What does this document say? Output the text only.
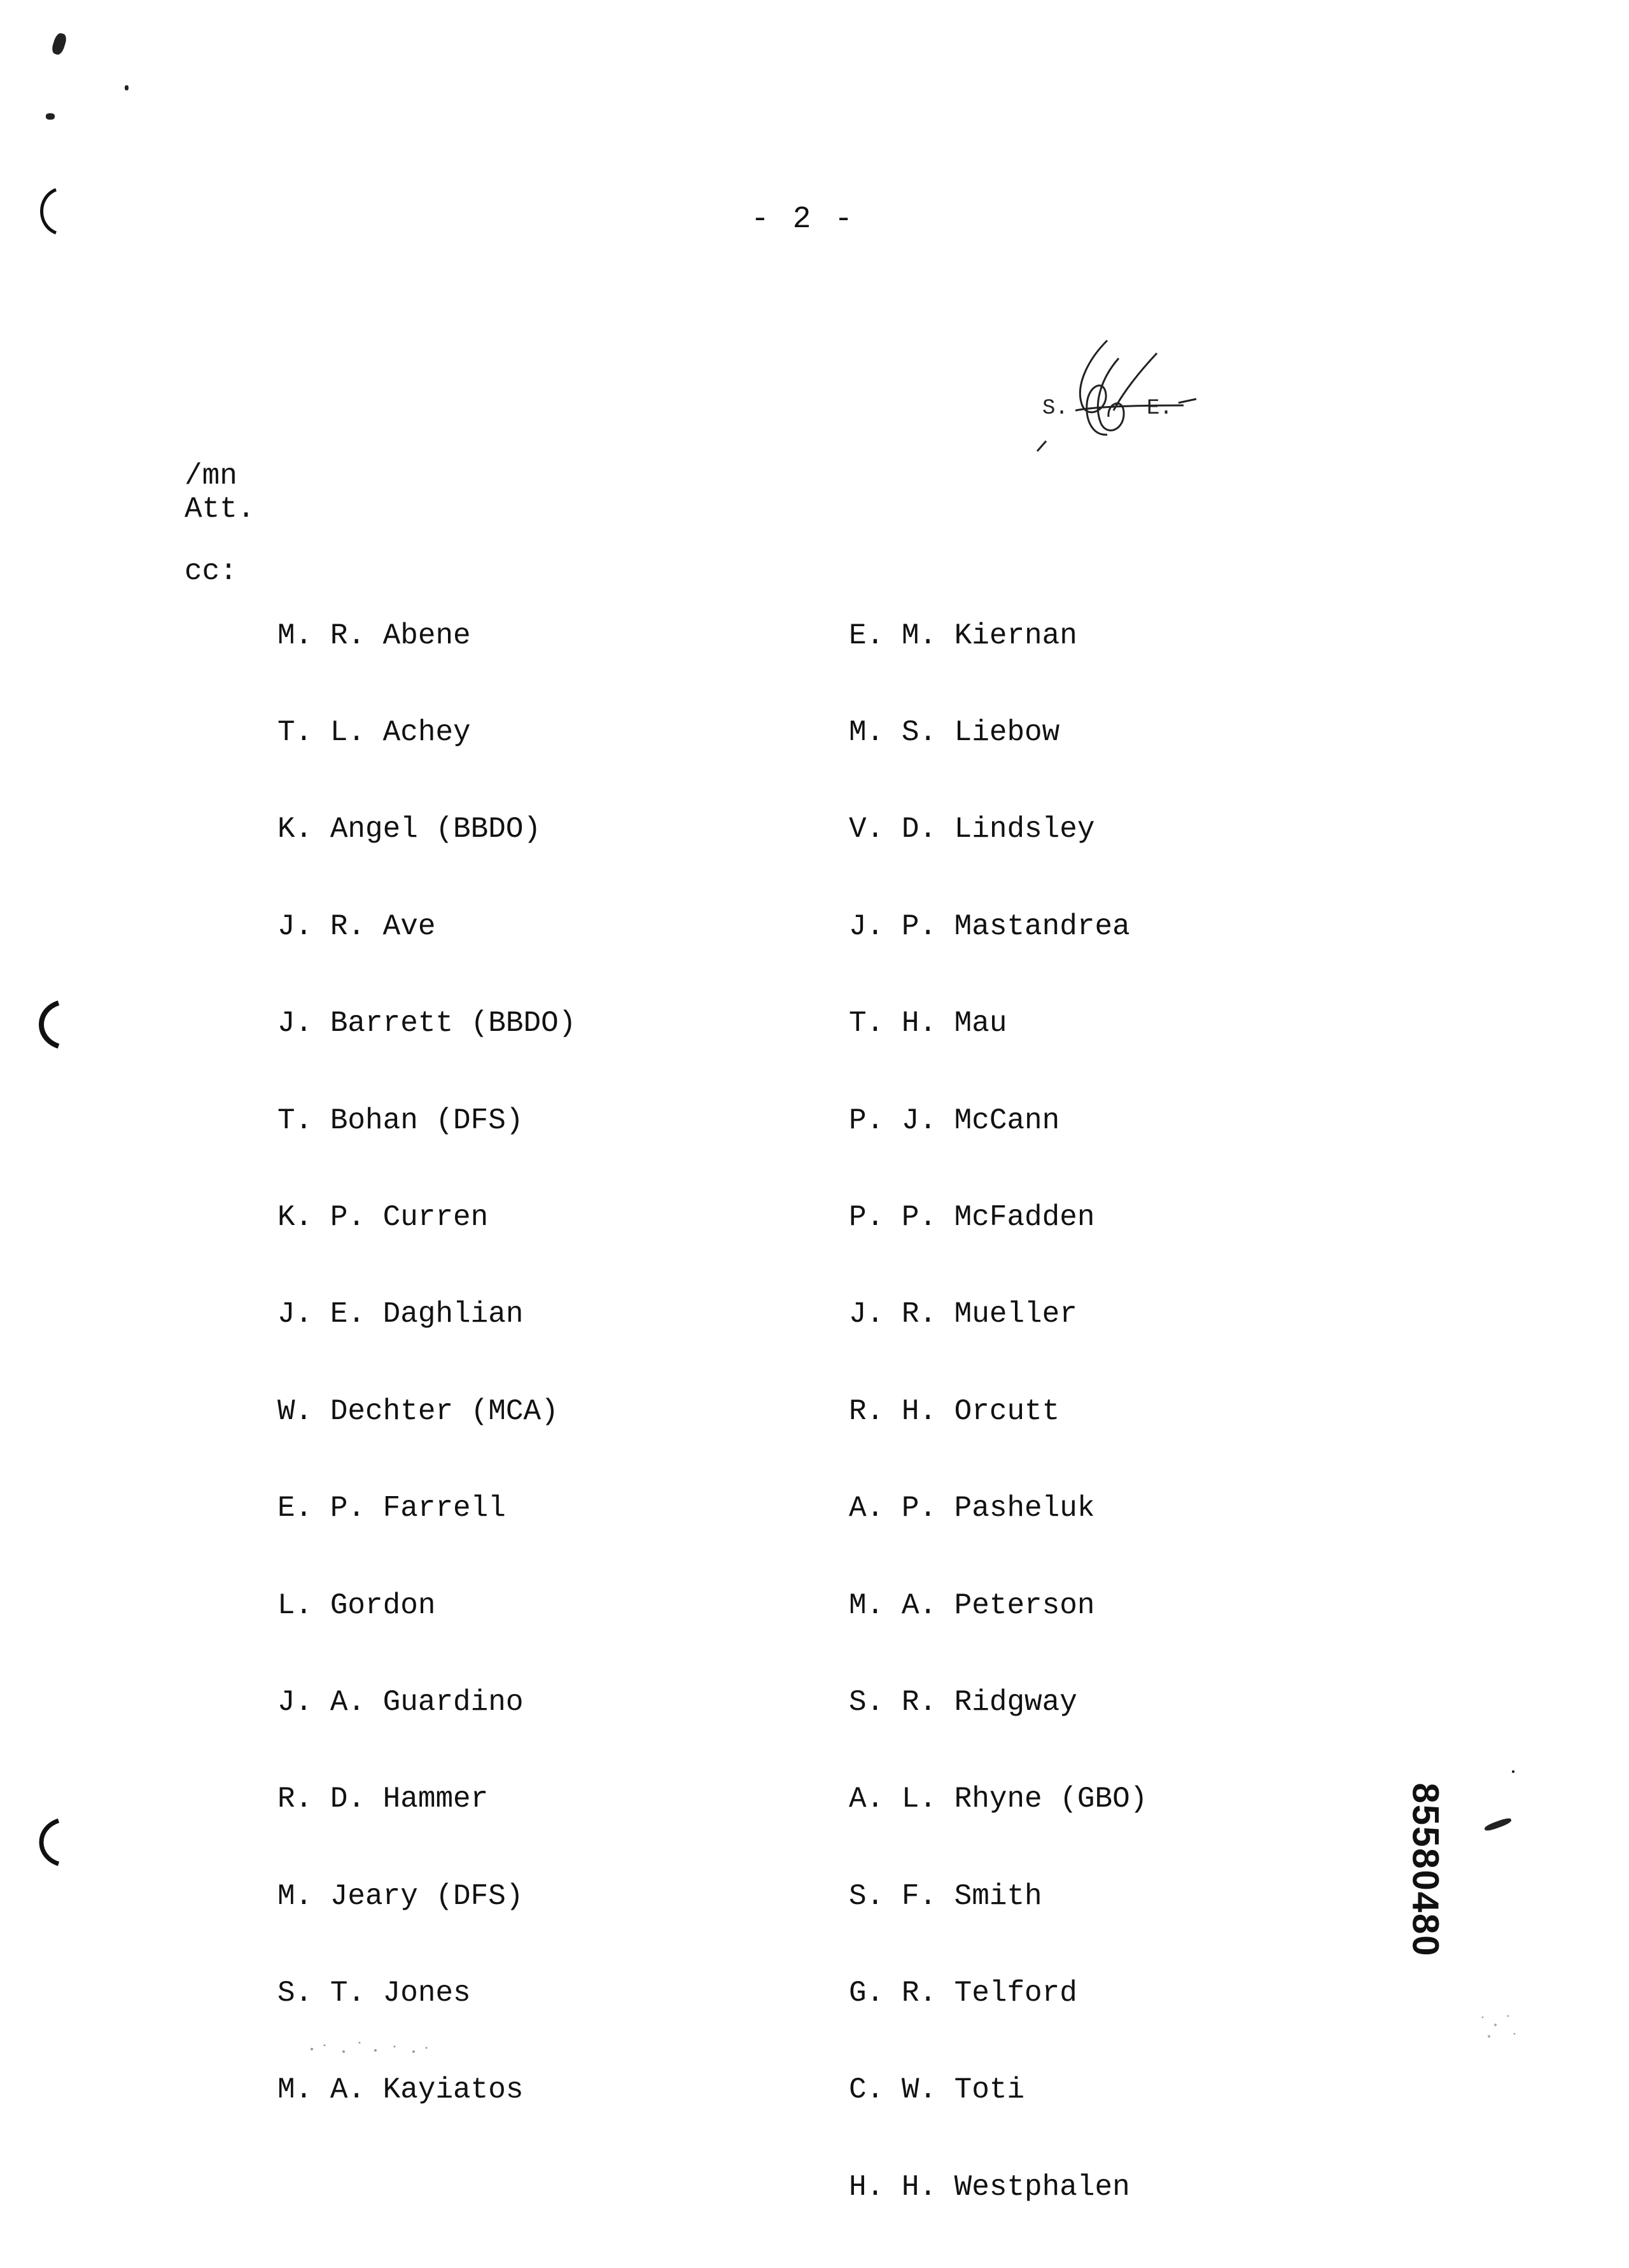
- 2 -
S.	E.
/mn
Att.
cc:

M. R. Abene

T. L. Achey

K. Angel (BBDO)

J. R. Ave

J. Barrett (BBDO)

T. Bohan (DFS)

K. P. Curren

J. E. Daghlian

W. Dechter (MCA)

E. P. Farrell

L. Gordon

J. A. Guardino

R. D. Hammer

M. Jeary (DFS)

S. T. Jones

M. A. Kayiatos

E. M. Kiernan

M. S. Liebow

V. D. Lindsley

J. P. Mastandrea

T. H. Mau

P. J. McCann

P. P. McFadden

J. R. Mueller

R. H. Orcutt

A. P. Pasheluk

M. A. Peterson

S. R. Ridgway

A. L. Rhyne (GBO)

S. F. Smith

G. R. Telford

C. W. Toti

H. H. Westphalen

85580480
